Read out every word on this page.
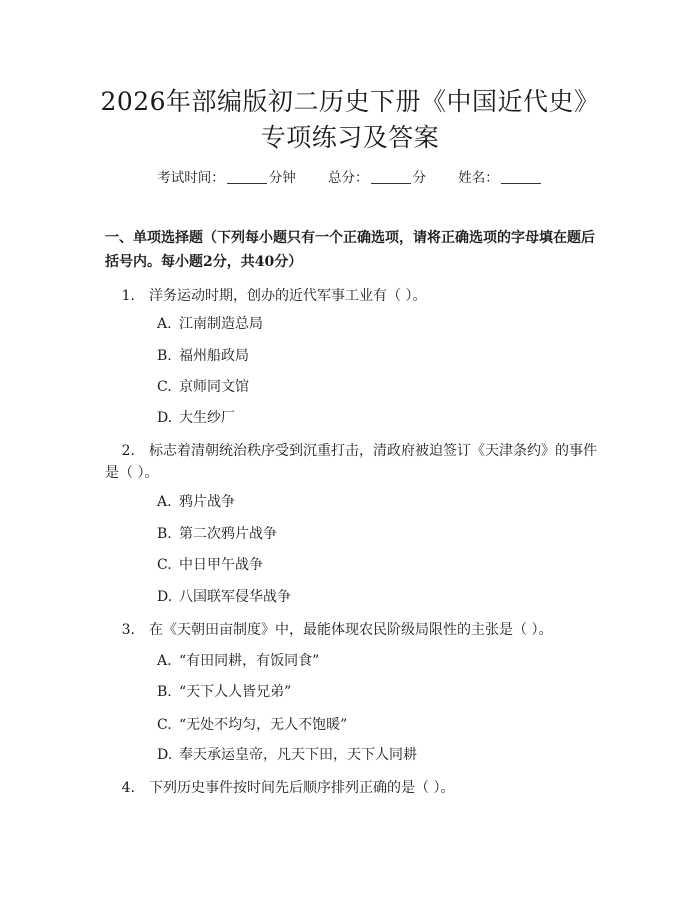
2026年部编版初二历史下册《中国近代史》
专项练习及答案
考试时间：	分钟 总分：	分 姓名：

一、单项选择题（下列每小题只有一个正确选项，请将正确选项的字母填在题后括号内。每小题2分，共40分）

1. 洋务运动时期，创办的近代军事工业有（ ）。
A. 江南制造总局
B. 福州船政局
C. 京师同文馆
D. 大生纱厂
2. 标志着清朝统治秩序受到沉重打击，清政府被迫签订《天津条约》的事件
是（ ）。
A. 鸦片战争
B. 第二次鸦片战争
C. 中日甲午战争
D. 八国联军侵华战争
3. 在《天朝田亩制度》中，最能体现农民阶级局限性的主张是（ ）。
A. “有田同耕，有饭同食”
B. “天下人人皆兄弟”
C. “无处不均匀，无人不饱暖”
D. 奉天承运皇帝，凡天下田，天下人同耕
4. 下列历史事件按时间先后顺序排列正确的是（ ）。
